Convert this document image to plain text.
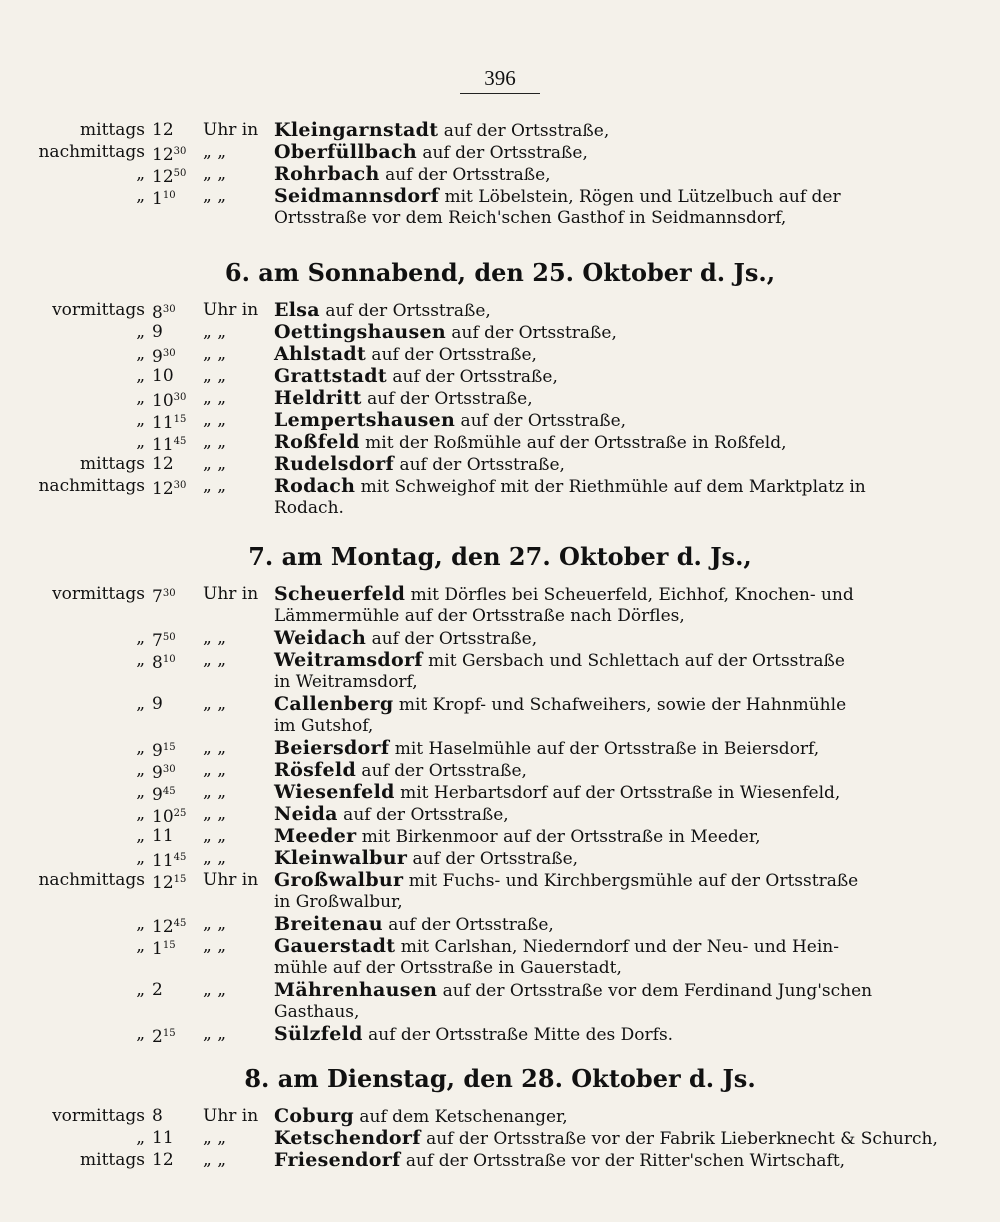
396
mittags 12	Uhr in Kleingarnstadt auf der Ortsstraße,
nachmittags $12^{30}$ „ „	Oberfüllbach auf der Ortsstraße,
„ $12^{50}$ „ „	Rohrbach auf der Ortsstraße,
„ $1^{10}$	„ „	Seidmannsdorf mit Löbelstein, Rögen und Lützelbuch auf der
Ortsstraße vor dem Reich'schen Gasthof in Seidmannsdorf,
6. am Sonnabend, den 25. Oktober d. Js.,
vormittags $8^{30}$	Uhr in Elsa auf der Ortsstraße,
„ 9	„ „	Oettingshausen auf der Ortsstraße,
„ $9^{30}$	„ „	Ahlstadt auf der Ortsstraße,
„ 10	„ „	Grattstadt auf der Ortsstraße,
„ $10^{30}$ „ „	Heldritt auf der Ortsstraße,
„ $11^{15}$ „ „	Lempertshausen auf der Ortsstraße,
„ $11^{45}$ „ „	Roßfeld mit der Roßmühle auf der Ortsstraße in Roßfeld,
mittags 12	„ „	Rudelsdorf auf der Ortsstraße,
nachmittags $12^{30}$ „ „	Rodach mit Schweighof mit der Riethmühle auf dem Marktplatz in
Rodach.
7. am Montag, den 27. Oktober d. Js.,
vormittags $7^{30}$	Uhr in Scheuerfeld mit Dörfles bei Scheuerfeld, Eichhof, Knochen- und
Lämmermühle auf der Ortsstraße nach Dörfles,
„ $7^{50}$	„ „	Weidach auf der Ortsstraße,
„ $8^{10}$	„ „	Weitramsdorf mit Gersbach und Schlettach auf der Ortsstraße
in Weitramsdorf,
„ 9	„ „	Callenberg mit Kropf- und Schafweihers, sowie der Hahnmühle
im Gutshof,
„ $9^{15}$	„ „	Beiersdorf mit Haselmühle auf der Ortsstraße in Beiersdorf,
„ $9^{30}$	„ „	Rösfeld auf der Ortsstraße,
„ $9^{45}$	„ „	Wiesenfeld mit Herbartsdorf auf der Ortsstraße in Wiesenfeld,
„ $10^{25}$ „ „	Neida auf der Ortsstraße,
„ 11	„ „	Meeder mit Birkenmoor auf der Ortsstraße in Meeder,
„ $11^{45}$ „ „	Kleinwalbur auf der Ortsstraße,
nachmittags $12^{15}$ Uhr in Großwalbur mit Fuchs- und Kirchbergsmühle auf der Ortsstraße
in Großwalbur,
„ $12^{45}$ „ „	Breitenau auf der Ortsstraße,
„ $1^{15}$	„ „	Gauerstadt mit Carlshan, Niederndorf und der Neu- und Hein-
mühle auf der Ortsstraße in Gauerstadt,
„ 2	„ „	Mährenhausen auf der Ortsstraße vor dem Ferdinand Jung'schen
Gasthaus,
„ $2^{15}$	„ „	Sülzfeld auf der Ortsstraße Mitte des Dorfs.
8. am Dienstag, den 28. Oktober d. Js.
vormittags 8	Uhr in Coburg auf dem Ketschenanger,
„ 11	„ „	Ketschendorf auf der Ortsstraße vor der Fabrik Lieberknecht & Schurch,
mittags 12	„ „	Friesendorf auf der Ortsstraße vor der Ritter'schen Wirtschaft,
